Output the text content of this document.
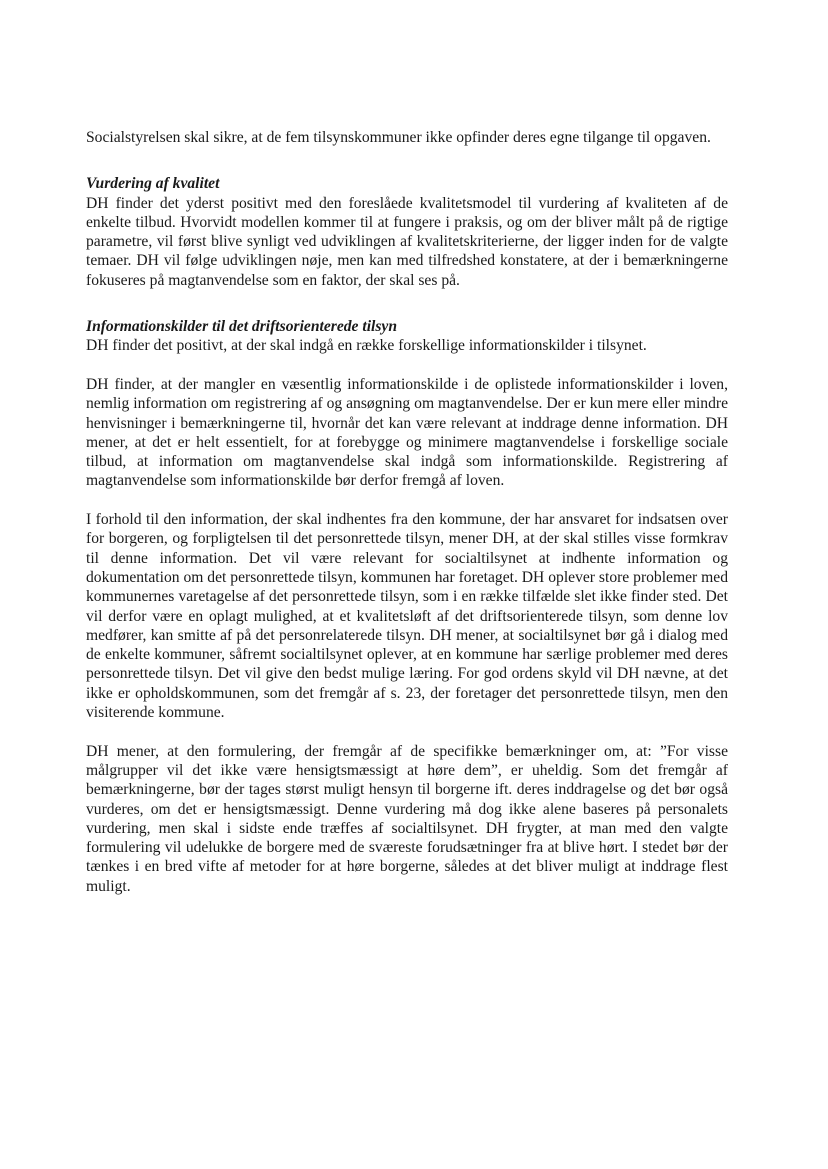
Socialstyrelsen skal sikre, at de fem tilsynskommuner ikke opfinder deres egne tilgange til opgaven.

Vurdering af kvalitet

DH finder det yderst positivt med den foreslåede kvalitetsmodel til vurdering af kvaliteten af de enkelte tilbud. Hvorvidt modellen kommer til at fungere i praksis, og om der bliver målt på de rigtige parametre, vil først blive synligt ved udviklingen af kvalitetskriterierne, der ligger inden for de valgte temaer. DH vil følge udviklingen nøje, men kan med tilfredshed konstatere, at der i bemærkningerne fokuseres på magtanvendelse som en faktor, der skal ses på.

Informationskilder til det driftsorienterede tilsyn

DH finder det positivt, at der skal indgå en række forskellige informationskilder i tilsynet.

DH finder, at der mangler en væsentlig informationskilde i de oplistede informationskilder i loven, nemlig information om registrering af og ansøgning om magtanvendelse. Der er kun mere eller mindre henvisninger i bemærkningerne til, hvornår det kan være relevant at inddrage denne information. DH mener, at det er helt essentielt, for at forebygge og minimere magtanvendelse i forskellige sociale tilbud, at information om magtanvendelse skal indgå som informationskilde. Registrering af magtanvendelse som informationskilde bør derfor fremgå af loven.

I forhold til den information, der skal indhentes fra den kommune, der har ansvaret for indsatsen over for borgeren, og forpligtelsen til det personrettede tilsyn, mener DH, at der skal stilles visse formkrav til denne information. Det vil være relevant for socialtilsynet at indhente information og dokumentation om det personrettede tilsyn, kommunen har foretaget. DH oplever store problemer med kommunernes varetagelse af det personrettede tilsyn, som i en række tilfælde slet ikke finder sted. Det vil derfor være en oplagt mulighed, at et kvalitetsløft af det driftsorienterede tilsyn, som denne lov medfører, kan smitte af på det personrelaterede tilsyn. DH mener, at socialtilsynet bør gå i dialog med de enkelte kommuner, såfremt socialtilsynet oplever, at en kommune har særlige problemer med deres personrettede tilsyn. Det vil give den bedst mulige læring. For god ordens skyld vil DH nævne, at det ikke er opholdskommunen, som det fremgår af s. 23, der foretager det personrettede tilsyn, men den visiterende kommune.

DH mener, at den formulering, der fremgår af de specifikke bemærkninger om, at: ”For visse målgrupper vil det ikke være hensigtsmæssigt at høre dem”, er uheldig. Som det fremgår af bemærkningerne, bør der tages størst muligt hensyn til borgerne ift. deres inddragelse og det bør også vurderes, om det er hensigtsmæssigt. Denne vurdering må dog ikke alene baseres på personalets vurdering, men skal i sidste ende træffes af socialtilsynet. DH frygter, at man med den valgte formulering vil udelukke de borgere med de sværeste forudsætninger fra at blive hørt. I stedet bør der tænkes i en bred vifte af metoder for at høre borgerne, således at det bliver muligt at inddrage flest muligt.
